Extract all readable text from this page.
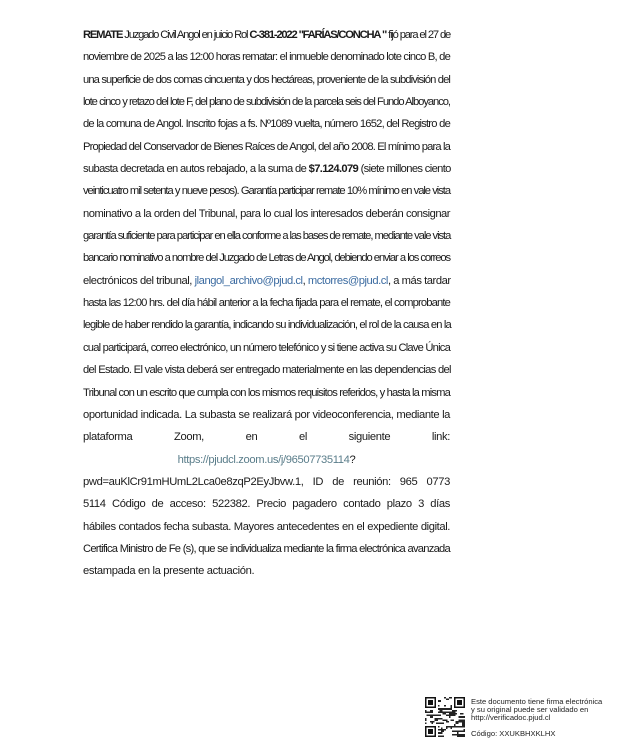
REMATE Juzgado Civil Angol en juicio Rol C-381-2022 "FARÍAS/CONCHA " fijó para el 27 de
noviembre de 2025 a las 12:00 horas rematar: el inmueble denominado lote cinco B, de
una superficie de dos comas cincuenta y dos hectáreas, proveniente de la subdivisión del
lote cinco y retazo del lote F, del plano de subdivisión de la parcela seis del Fundo Alboyanco,
de la comuna de Angol. Inscrito fojas a fs. Nº1089 vuelta, número 1652, del Registro de
Propiedad del Conservador de Bienes Raíces de Angol, del año 2008. El mínimo para la
subasta decretada en autos rebajado, a la suma de $7.124.079 (siete millones ciento
veinticuatro mil setenta y nueve pesos). Garantía participar remate 10% mínimo en vale vista
nominativo a la orden del Tribunal, para lo cual los interesados deberán consignar
garantía suficiente para participar en ella conforme a las bases de remate, mediante vale vista
bancario nominativo a nombre del Juzgado de Letras de Angol, debiendo enviar a los correos
electrónicos del tribunal, jlangol_archivo@pjud.cl, mctorres@pjud.cl, a más tardar
hasta las 12:00 hrs. del día hábil anterior a la fecha fijada para el remate, el comprobante
legible de haber rendido la garantía, indicando su individualización, el rol de la causa en la
cual participará, correo electrónico, un número telefónico y si tiene activa su Clave Única
del Estado. El vale vista deberá ser entregado materialmente en las dependencias del
Tribunal con un escrito que cumpla con los mismos requisitos referidos, y hasta la misma
oportunidad indicada. La subasta se realizará por videoconferencia, mediante la
plataforma Zoom, en el siguiente link:
https://pjudcl.zoom.us/j/96507735114?
pwd=auKlCr91mHUmL2Lca0e8zqP2EyJbvw.1, ID de reunión: 965 0773
5114 Código de acceso: 522382. Precio pagadero contado plazo 3 días
hábiles contados fecha subasta. Mayores antecedentes en el expediente digital.
Certifica Ministro de Fe (s), que se individualiza mediante la firma electrónica avanzada
estampada en la presente actuación.
Este documento tiene firma electrónica
y su original puede ser validado en
http://verificadoc.pjud.cl
Código: XXUKBHXKLHX
